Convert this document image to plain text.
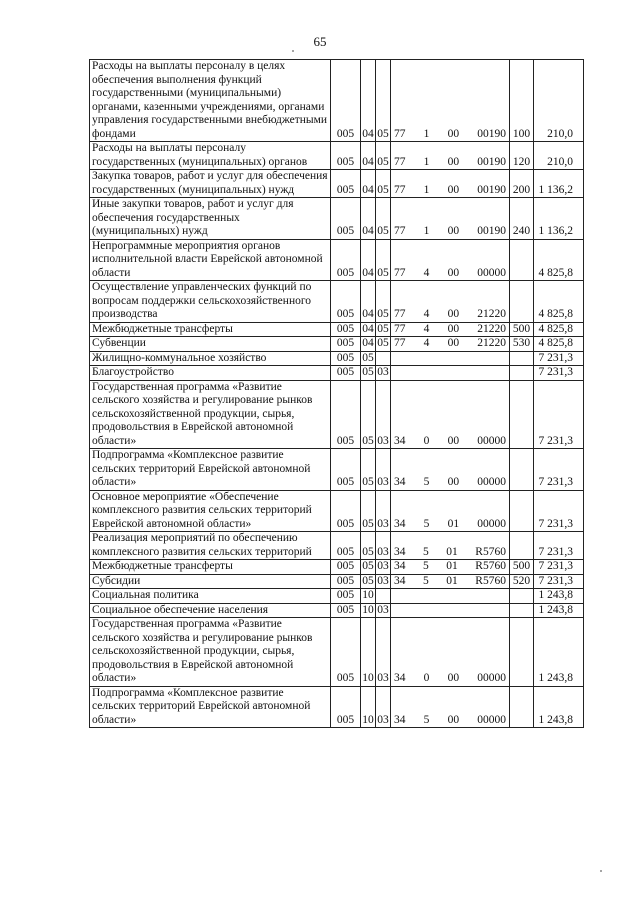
65
Расходы на выплаты персоналу в целях обеспечения выполнения функций государственными (муниципальными) органами, казенными учреждениями, органами управления государственными внебюджетными фондами	005	04	05	77 1 00 00190	100	210,0
Расходы на выплаты персоналу государственных (муниципальных) органов	005	04	05	77 1 00 00190	120	210,0
Закупка товаров, работ и услуг для обеспечения государственных (муниципальных) нужд	005	04	05	77 1 00 00190	200	1 136,2
Иные закупки товаров, работ и услуг для обеспечения государственных (муниципальных) нужд	005	04	05	77 1 00 00190	240	1 136,2
Непрограммные мероприятия органов исполнительной власти Еврейской автономной области	005	04	05	77 4 00 00000		4 825,8
Осуществление управленческих функций по вопросам поддержки сельскохозяйственного производства	005	04	05	77 4 00 21220		4 825,8
Межбюджетные трансферты	005	04	05	77 4 00 21220	500	4 825,8
Субвенции	005	04	05	77 4 00 21220	530	4 825,8
Жилищно-коммунальное хозяйство	005	05				7 231,3
Благоустройство	005	05	03			7 231,3
Государственная программа «Развитие сельского хозяйства и регулирование рынков сельскохозяйственной продукции, сырья, продовольствия в Еврейской автономной области»	005	05	03	34 0 00 00000		7 231,3
Подпрограмма «Комплексное развитие сельских территорий Еврейской автономной области»	005	05	03	34 5 00 00000		7 231,3
Основное мероприятие «Обеспечение комплексного развития сельских территорий Еврейской автономной области»	005	05	03	34 5 01 00000		7 231,3
Реализация мероприятий по обеспечению комплексного развития сельских территорий	005	05	03	34 5 01 R5760		7 231,3
Межбюджетные трансферты	005	05	03	34 5 01 R5760	500	7 231,3
Субсидии	005	05	03	34 5 01 R5760	520	7 231,3
Социальная политика	005	10				1 243,8
Социальное обеспечение населения	005	10	03			1 243,8
Государственная программа «Развитие сельского хозяйства и регулирование рынков сельскохозяйственной продукции, сырья, продовольствия в Еврейской автономной области»	005	10	03	34 0 00 00000		1 243,8
Подпрограмма «Комплексное развитие сельских территорий Еврейской автономной области»	005	10	03	34 5 00 00000		1 243,8
